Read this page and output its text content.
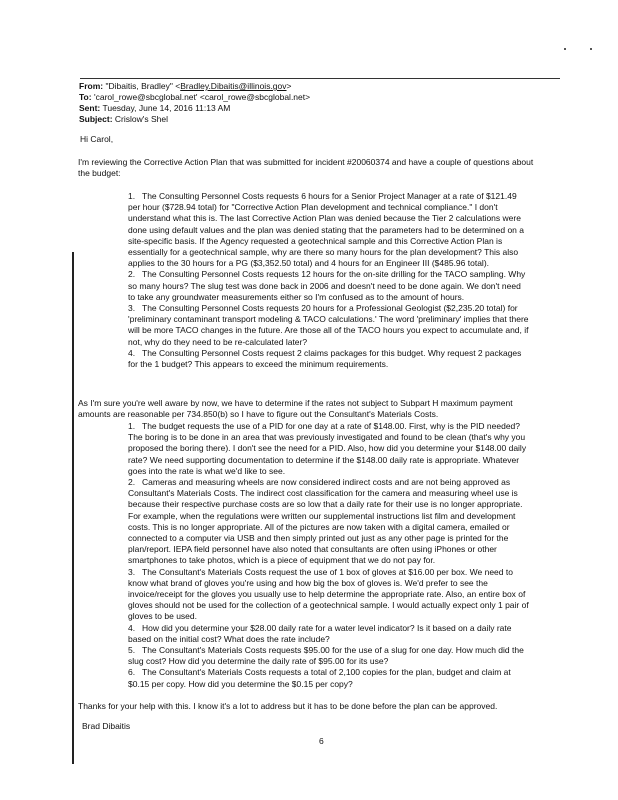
From: "Dibaitis, Bradley" <Bradley.Dibaitis@illinois.gov>
To: 'carol_rowe@sbcglobal.net' <carol_rowe@sbcglobal.net>
Sent: Tuesday, June 14, 2016 11:13 AM
Subject: Crislow's Shel
Hi Carol,
I'm reviewing the Corrective Action Plan that was submitted for incident #20060374 and have a couple of questions about the budget:
1. The Consulting Personnel Costs requests 6 hours for a Senior Project Manager at a rate of $121.49 per hour ($728.94 total) for "Corrective Action Plan development and technical compliance." I don't understand what this is. The last Corrective Action Plan was denied because the Tier 2 calculations were done using default values and the plan was denied stating that the parameters had to be determined on a site-specific basis. If the Agency requested a geotechnical sample and this Corrective Action Plan is essentially for a geotechnical sample, why are there so many hours for the plan development? This also applies to the 30 hours for a PG ($3,352.50 total) and 4 hours for an Engineer III ($485.96 total).
2. The Consulting Personnel Costs requests 12 hours for the on-site drilling for the TACO sampling. Why so many hours? The slug test was done back in 2006 and doesn't need to be done again. We don't need to take any groundwater measurements either so I'm confused as to the amount of hours.
3. The Consulting Personnel Costs requests 20 hours for a Professional Geologist ($2,235.20 total) for 'preliminary contaminant transport modeling & TACO calculations.' The word 'preliminary' implies that there will be more TACO changes in the future. Are those all of the TACO hours you expect to accumulate and, if not, why do they need to be re-calculated later?
4. The Consulting Personnel Costs request 2 claims packages for this budget. Why request 2 packages for the 1 budget? This appears to exceed the minimum requirements.
As I'm sure you're well aware by now, we have to determine if the rates not subject to Subpart H maximum payment amounts are reasonable per 734.850(b) so I have to figure out the Consultant's Materials Costs.
1. The budget requests the use of a PID for one day at a rate of $148.00. First, why is the PID needed? The boring is to be done in an area that was previously investigated and found to be clean (that's why you proposed the boring there). I don't see the need for a PID. Also, how did you determine your $148.00 daily rate? We need supporting documentation to determine if the $148.00 daily rate is appropriate. Whatever goes into the rate is what we'd like to see.
2. Cameras and measuring wheels are now considered indirect costs and are not being approved as Consultant's Materials Costs. The indirect cost classification for the camera and measuring wheel use is because their respective purchase costs are so low that a daily rate for their use is no longer appropriate. For example, when the regulations were written our supplemental instructions list film and development costs. This is no longer appropriate. All of the pictures are now taken with a digital camera, emailed or connected to a computer via USB and then simply printed out just as any other page is printed for the plan/report. IEPA field personnel have also noted that consultants are often using iPhones or other smartphones to take photos, which is a piece of equipment that we do not pay for.
3. The Consultant's Materials Costs request the use of 1 box of gloves at $16.00 per box. We need to know what brand of gloves you're using and how big the box of gloves is. We'd prefer to see the invoice/receipt for the gloves you usually use to help determine the appropriate rate. Also, an entire box of gloves should not be used for the collection of a geotechnical sample. I would actually expect only 1 pair of gloves to be used.
4. How did you determine your $28.00 daily rate for a water level indicator? Is it based on a daily rate based on the initial cost? What does the rate include?
5. The Consultant's Materials Costs requests $95.00 for the use of a slug for one day. How much did the slug cost? How did you determine the daily rate of $95.00 for its use?
6. The Consultant's Materials Costs requests a total of 2,100 copies for the plan, budget and claim at $0.15 per copy. How did you determine the $0.15 per copy?
Thanks for your help with this. I know it's a lot to address but it has to be done before the plan can be approved.
Brad Dibaitis
6
